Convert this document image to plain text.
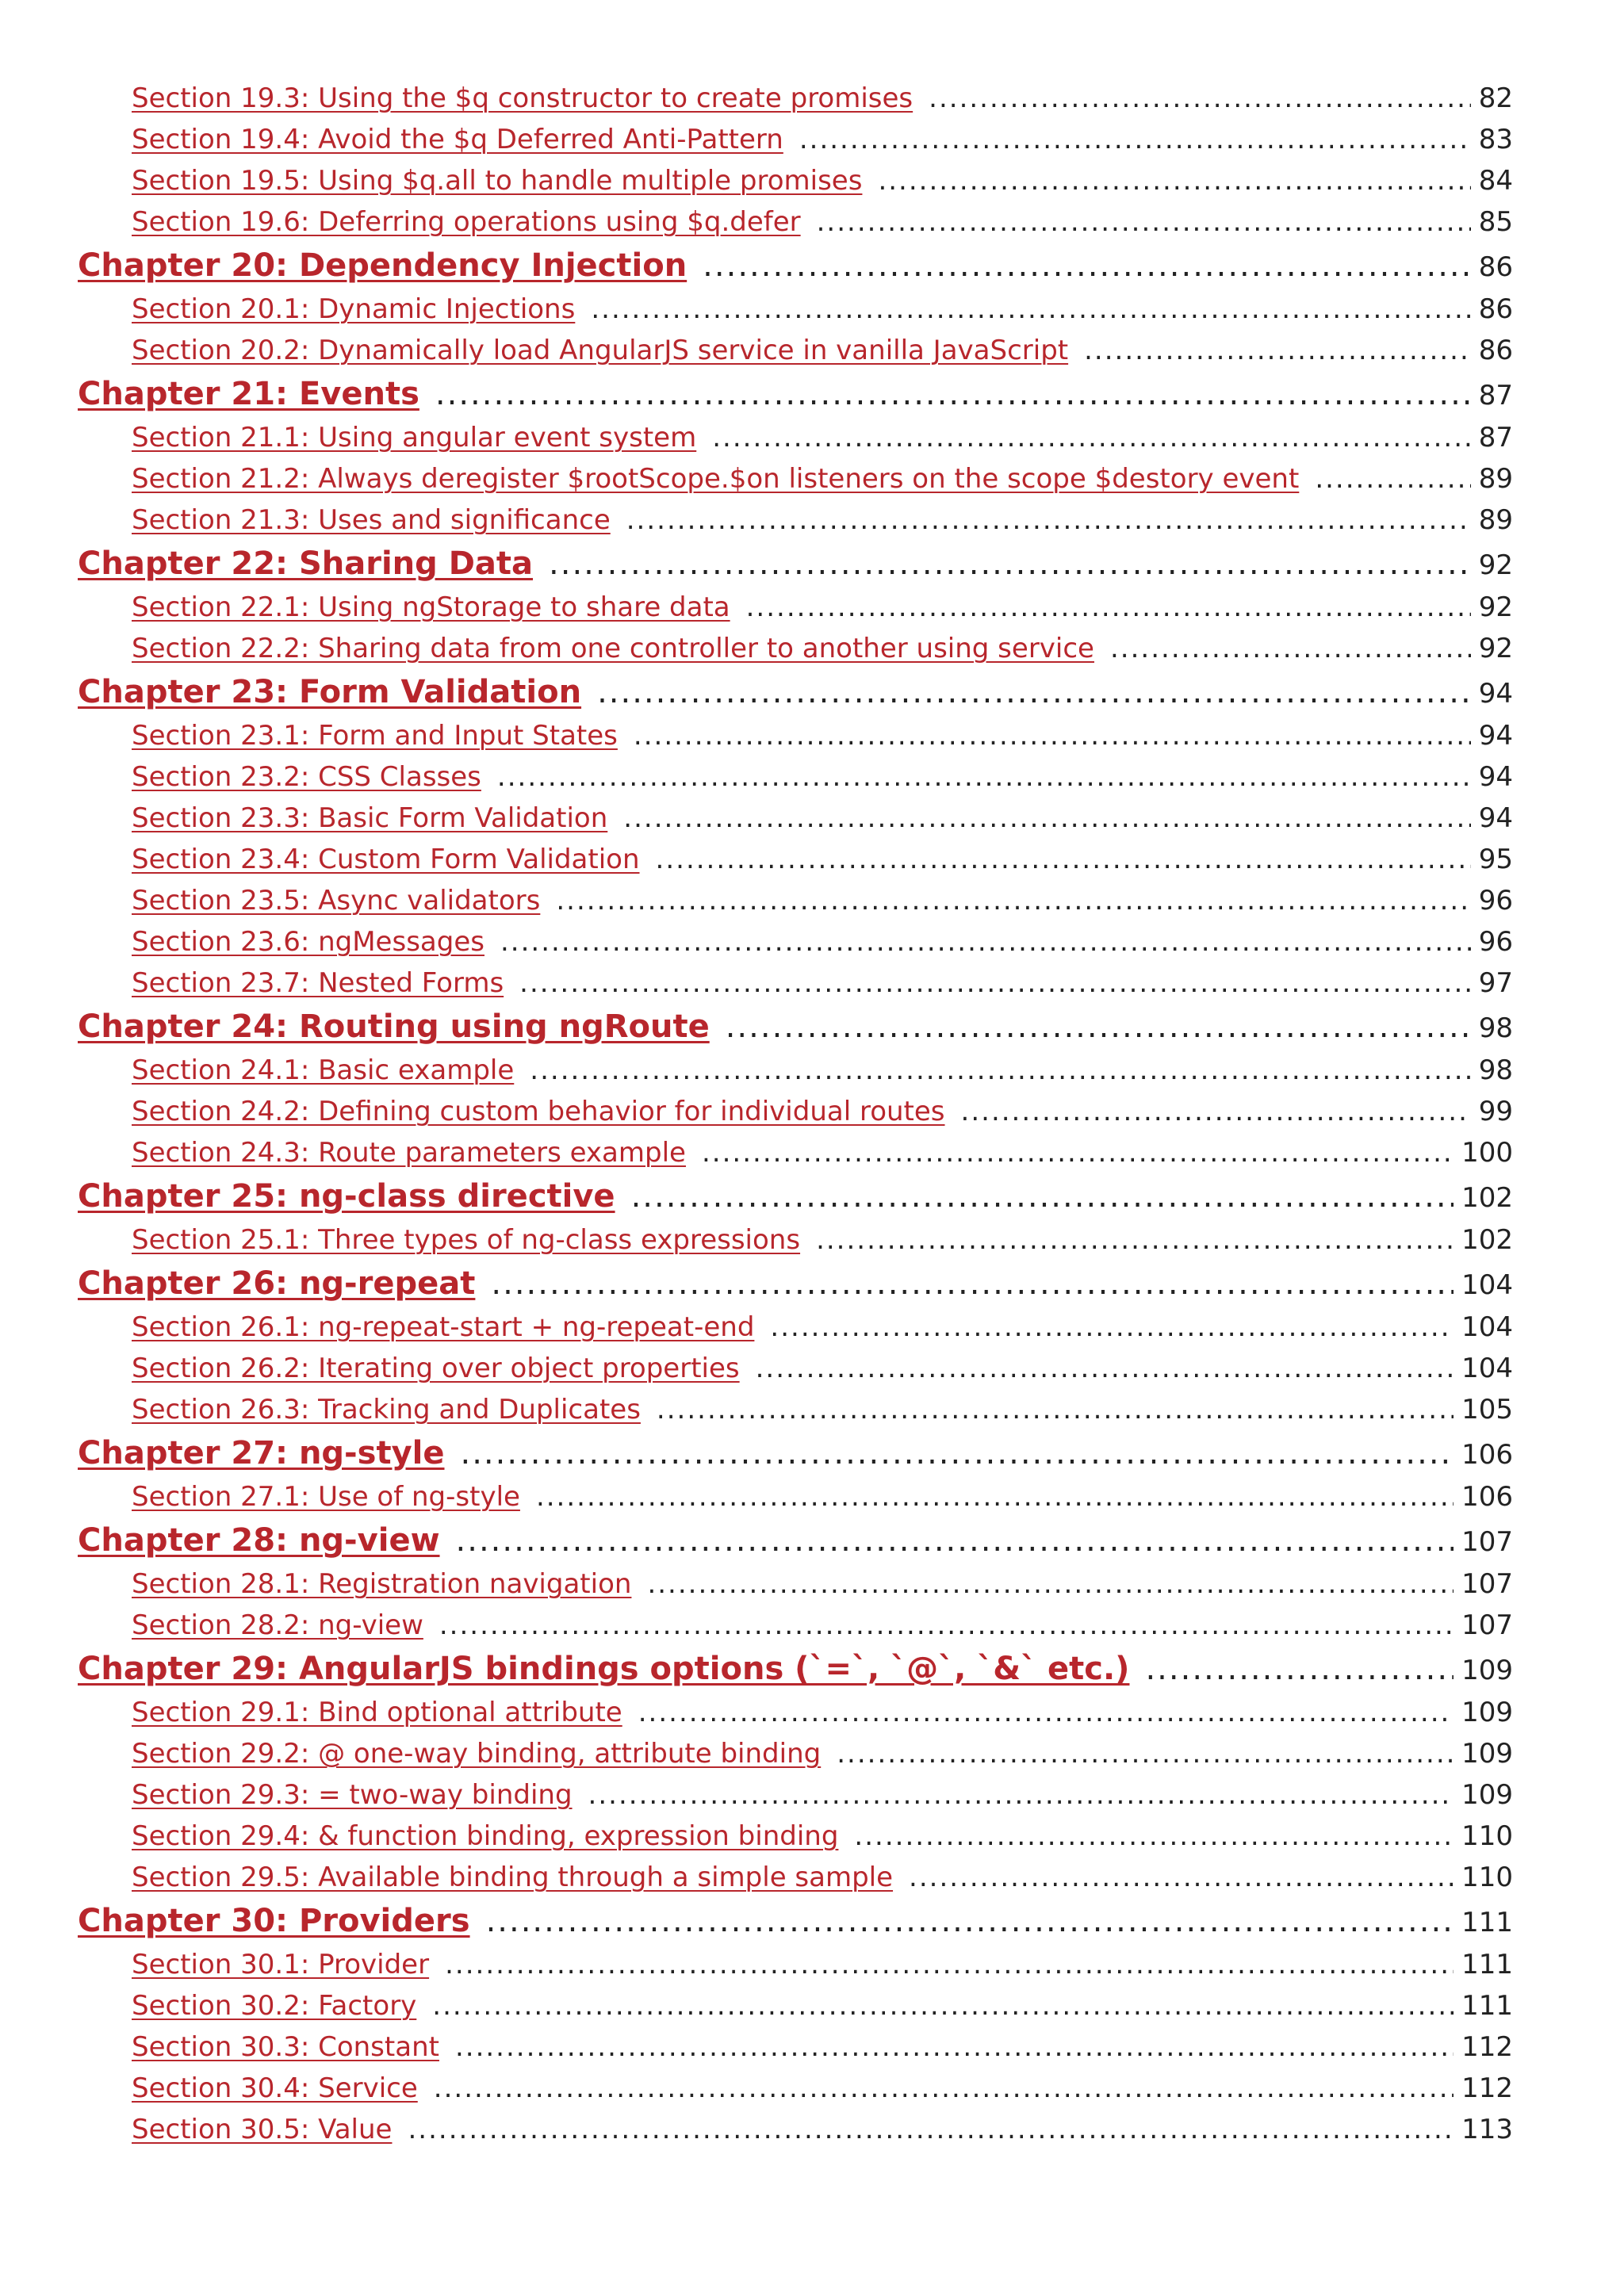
Section 19.3: Using the $q constructor to create promises .....	82
Section 19.4: Avoid the $q Deferred Anti-Pattern .....	83
Section 19.5: Using $q.all to handle multiple promises .....	84
Section 19.6: Deferring operations using $q.defer .....	85
Chapter 20: Dependency Injection .....	86
Section 20.1: Dynamic Injections .....	86
Section 20.2: Dynamically load AngularJS service in vanilla JavaScript .....	86
Chapter 21: Events .....	87
Section 21.1: Using angular event system .....	87
Section 21.2: Always deregister $rootScope.$on listeners on the scope $destory event .....	89
Section 21.3: Uses and significance .....	89
Chapter 22: Sharing Data .....	92
Section 22.1: Using ngStorage to share data .....	92
Section 22.2: Sharing data from one controller to another using service .....	92
Chapter 23: Form Validation .....	94
Section 23.1: Form and Input States .....	94
Section 23.2: CSS Classes .....	94
Section 23.3: Basic Form Validation .....	94
Section 23.4: Custom Form Validation .....	95
Section 23.5: Async validators .....	96
Section 23.6: ngMessages .....	96
Section 23.7: Nested Forms .....	97
Chapter 24: Routing using ngRoute .....	98
Section 24.1: Basic example .....	98
Section 24.2: Defining custom behavior for individual routes .....	99
Section 24.3: Route parameters example .....	100
Chapter 25: ng-class directive .....	102
Section 25.1: Three types of ng-class expressions .....	102
Chapter 26: ng-repeat .....	104
Section 26.1: ng-repeat-start + ng-repeat-end .....	104
Section 26.2: Iterating over object properties .....	104
Section 26.3: Tracking and Duplicates .....	105
Chapter 27: ng-style .....	106
Section 27.1: Use of ng-style .....	106
Chapter 28: ng-view .....	107
Section 28.1: Registration navigation .....	107
Section 28.2: ng-view .....	107
Chapter 29: AngularJS bindings options (`=`, `@`, `&` etc.) .....	109
Section 29.1: Bind optional attribute .....	109
Section 29.2: @ one-way binding, attribute binding .....	109
Section 29.3: = two-way binding .....	109
Section 29.4: & function binding, expression binding .....	110
Section 29.5: Available binding through a simple sample .....	110
Chapter 30: Providers .....	111
Section 30.1: Provider .....	111
Section 30.2: Factory .....	111
Section 30.3: Constant .....	112
Section 30.4: Service .....	112
Section 30.5: Value .....	113
